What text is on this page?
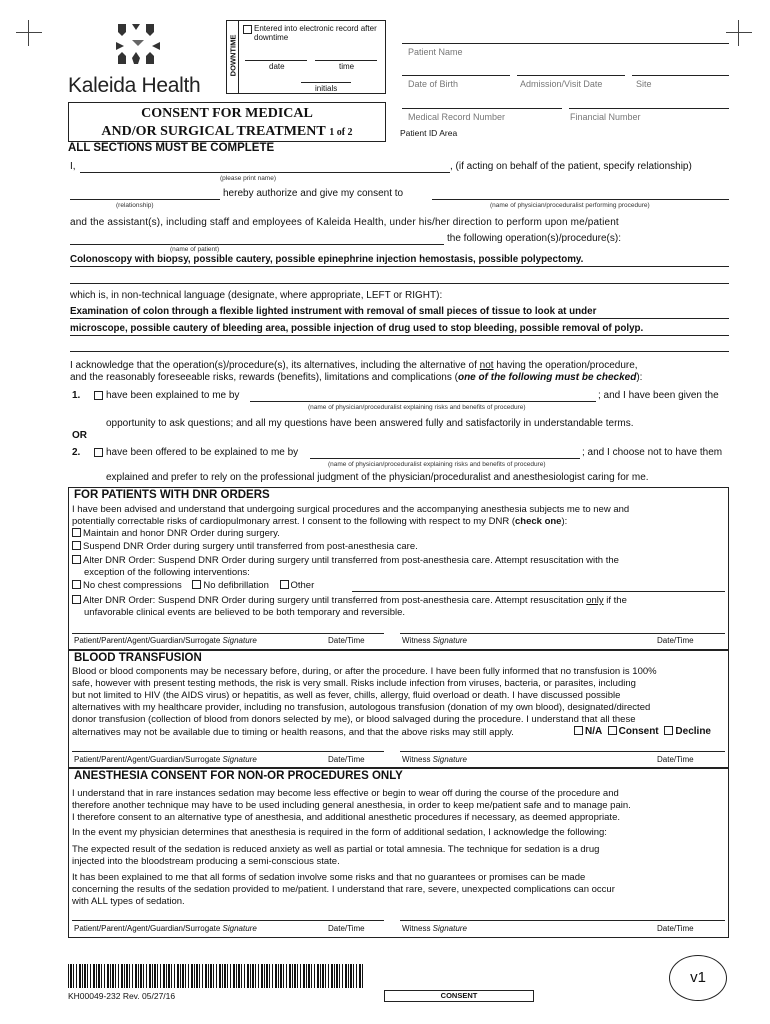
Kaleida Health
DOWNTIME
Entered into electronic record after downtime
date	time
initials
CONSENT FOR MEDICAL
AND/OR SURGICAL TREATMENT 1 of 2
Patient Name
Date of Birth	Admission/Visit Date	Site
Medical Record Number	Financial Number
Patient ID Area
ALL SECTIONS MUST BE COMPLETE
I,	, (if acting on behalf of the patient, specify relationship)
(please print name)
hereby authorize and give my consent to
(relationship)	(name of physician/proceduralist performing procedure)
and the assistant(s), including staff and employees of Kaleida Health, under his/her direction to perform upon me/patient
the following operation(s)/procedure(s):
(name of patient)
Colonoscopy with biopsy, possible cautery, possible epinephrine injection hemostasis, possible polypectomy.
which is, in non-technical language (designate, where appropriate, LEFT or RIGHT):
Examination of colon through a flexible lighted instrument with removal of small pieces of tissue to look at under
microscope, possible cautery of bleeding area, possible injection of drug used to stop bleeding, possible removal of polyp.
I acknowledge that the operation(s)/procedure(s), its alternatives, including the alternative of not having the operation/procedure,
and the reasonably foreseeable risks, rewards (benefits), limitations and complications (one of the following must be checked):
1.	have been explained to me by	; and I have been given the
(name of physician/proceduralist explaining risks and benefits of procedure)
opportunity to ask questions; and all my questions have been answered fully and satisfactorily in understandable terms.
OR
2.	have been offered to be explained to me by	; and I choose not to have them
(name of physician/proceduralist explaining risks and benefits of procedure)
explained and prefer to rely on the professional judgment of the physician/proceduralist and anesthesiologist caring for me.
FOR PATIENTS WITH DNR ORDERS
I have been advised and understand that undergoing surgical procedures and the accompanying anesthesia subjects me to new and
potentially correctable risks of cardiopulmonary arrest. I consent to the following with respect to my DNR (check one):
Maintain and honor DNR Order during surgery.
Suspend DNR Order during surgery until transferred from post-anesthesia care.
Alter DNR Order: Suspend DNR Order during surgery until transferred from post-anesthesia care. Attempt resuscitation with the
exception of the following interventions:
No chest compressions No defibrillation Other
Alter DNR Order: Suspend DNR Order during surgery until transferred from post-anesthesia care. Attempt resuscitation only if the
unfavorable clinical events are believed to be both temporary and reversible.
Patient/Parent/Agent/Guardian/Surrogate Signature	Date/Time	Witness Signature	Date/Time
BLOOD TRANSFUSION
Blood or blood components may be necessary before, during, or after the procedure. I have been fully informed that no transfusion is 100%
safe, however with present testing methods, the risk is very small. Risks include infection from viruses, bacteria, or parasites, including
but not limited to HIV (the AIDS virus) or hepatitis, as well as fever, chills, allergy, fluid overload or death. I have discussed possible
alternatives with my healthcare provider, including no transfusion, autologous transfusion (donation of my own blood), designated/directed
donor transfusion (collection of blood from donors selected by me), or blood salvaged during the procedure. I understand that all these
alternatives may not be available due to timing or health reasons, and that the above risks may still apply.	N/A Consent Decline
Patient/Parent/Agent/Guardian/Surrogate Signature	Date/Time	Witness Signature	Date/Time
ANESTHESIA CONSENT FOR NON-OR PROCEDURES ONLY
I understand that in rare instances sedation may become less effective or begin to wear off during the course of the procedure and
therefore another technique may have to be used including general anesthesia, in order to keep me/patient safe and to manage pain.
I therefore consent to an alternative type of anesthesia, and additional anesthetic procedures if necessary, as deemed appropriate.
In the event my physician determines that anesthesia is required in the form of additional sedation, I acknowledge the following:
The expected result of the sedation is reduced anxiety as well as partial or total amnesia. The technique for sedation is a drug
injected into the bloodstream producing a semi-conscious state.
It has been explained to me that all forms of sedation involve some risks and that no guarantees or promises can be made
concerning the results of the sedation provided to me/patient. I understand that rare, severe, unexpected complications can occur
with ALL types of sedation.
Patient/Parent/Agent/Guardian/Surrogate Signature	Date/Time	Witness Signature	Date/Time
KH00049-232 Rev. 05/27/16	CONSENT
v1
